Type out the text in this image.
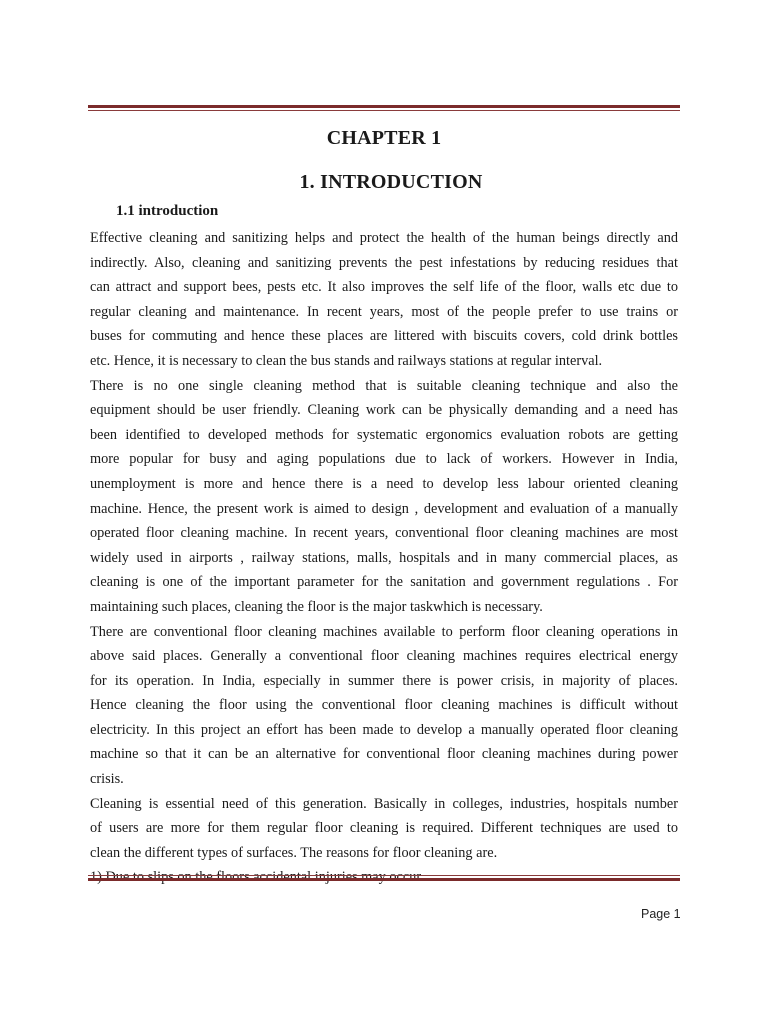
CHAPTER 1
1. INTRODUCTION
1.1 introduction
Effective cleaning and sanitizing helps and protect the health of the human beings directly and
indirectly. Also, cleaning and sanitizing prevents the pest infestations by reducing residues that
can attract and support bees, pests etc. It also improves the self life of the floor, walls etc due to
regular cleaning and maintenance. In recent years, most of the people prefer to use trains or
buses for commuting and hence these places are littered with biscuits covers, cold drink bottles
etc. Hence, it is necessary to clean the bus stands and railways stations at regular interval.
There is no one single cleaning method that is suitable cleaning technique and also the
equipment should be user friendly. Cleaning work can be physically demanding and a need has
been identified to developed methods for systematic ergonomics evaluation robots are getting
more popular for busy and aging populations due to lack of workers. However in India,
unemployment is more and hence there is a need to develop less labour oriented cleaning
machine. Hence, the present work is aimed to design , development and evaluation of a manually
operated floor cleaning machine. In recent years, conventional floor cleaning machines are most
widely used in airports , railway stations, malls, hospitals and in many commercial places, as
cleaning is one of the important parameter for the sanitation and government regulations . For
maintaining such places, cleaning the floor is the major taskwhich is necessary.
There are conventional floor cleaning machines available to perform floor cleaning operations in
above said places. Generally a conventional floor cleaning machines requires electrical energy
for its operation. In India, especially in summer there is power crisis, in majority of places.
Hence cleaning the floor using the conventional floor cleaning machines is difficult without
electricity. In this project an effort has been made to develop a manually operated floor cleaning
machine so that it can be an alternative for conventional floor cleaning machines during power
crisis.
Cleaning is essential need of this generation. Basically in colleges, industries, hospitals number
of users are more for them regular floor cleaning is required. Different techniques are used to
clean the different types of surfaces. The reasons for floor cleaning are.
Page 1
